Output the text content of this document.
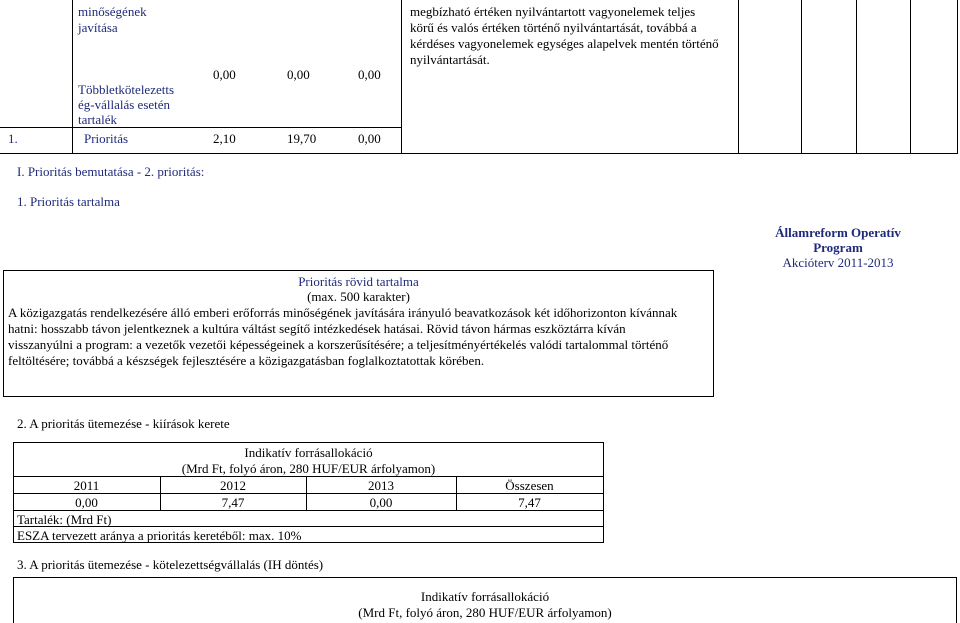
minőségének
javítása
Többletkötelezetts
ég-vállalás esetén
tartalék
0,00	0,00	0,00
1.	Prioritás	2,10	19,70	0,00
megbízható értéken nyilvántartott vagyonelemek teljes
körű és valós értéken történő nyilvántartását, továbbá a
kérdéses vagyonelemek egységes alapelvek mentén történő
nyilvántartását.
I. Prioritás bemutatása - 2. prioritás:
1. Prioritás tartalma
Államreform Operatív
Program
Akcióterv 2011-2013
Prioritás rövid tartalma
(max. 500 karakter)
A közigazgatás rendelkezésére álló emberi erőforrás minőségének javítására irányuló beavatkozások két időhorizonton kívánnak
hatni: hosszabb távon jelentkeznek a kultúra váltást segítő intézkedések hatásai. Rövid távon hármas eszköztárra kíván
visszanyúlni a program: a vezetők vezetői képességeinek a korszerűsítésére; a teljesítményértékelés valódi tartalommal történő
feltöltésére; továbbá a készségek fejlesztésére a közigazgatásban foglalkoztatottak körében.
2. A prioritás ütemezése - kiírások kerete
Indikatív forrásallokáció
(Mrd Ft, folyó áron, 280 HUF/EUR árfolyamon)
2011	2012	2013	Összesen
0,00	7,47	0,00	7,47
Tartalék: (Mrd Ft)
ESZA tervezett aránya a prioritás keretéből: max. 10%
3. A prioritás ütemezése - kötelezettségvállalás (IH döntés)
Indikatív forrásallokáció
(Mrd Ft, folyó áron, 280 HUF/EUR árfolyamon)
